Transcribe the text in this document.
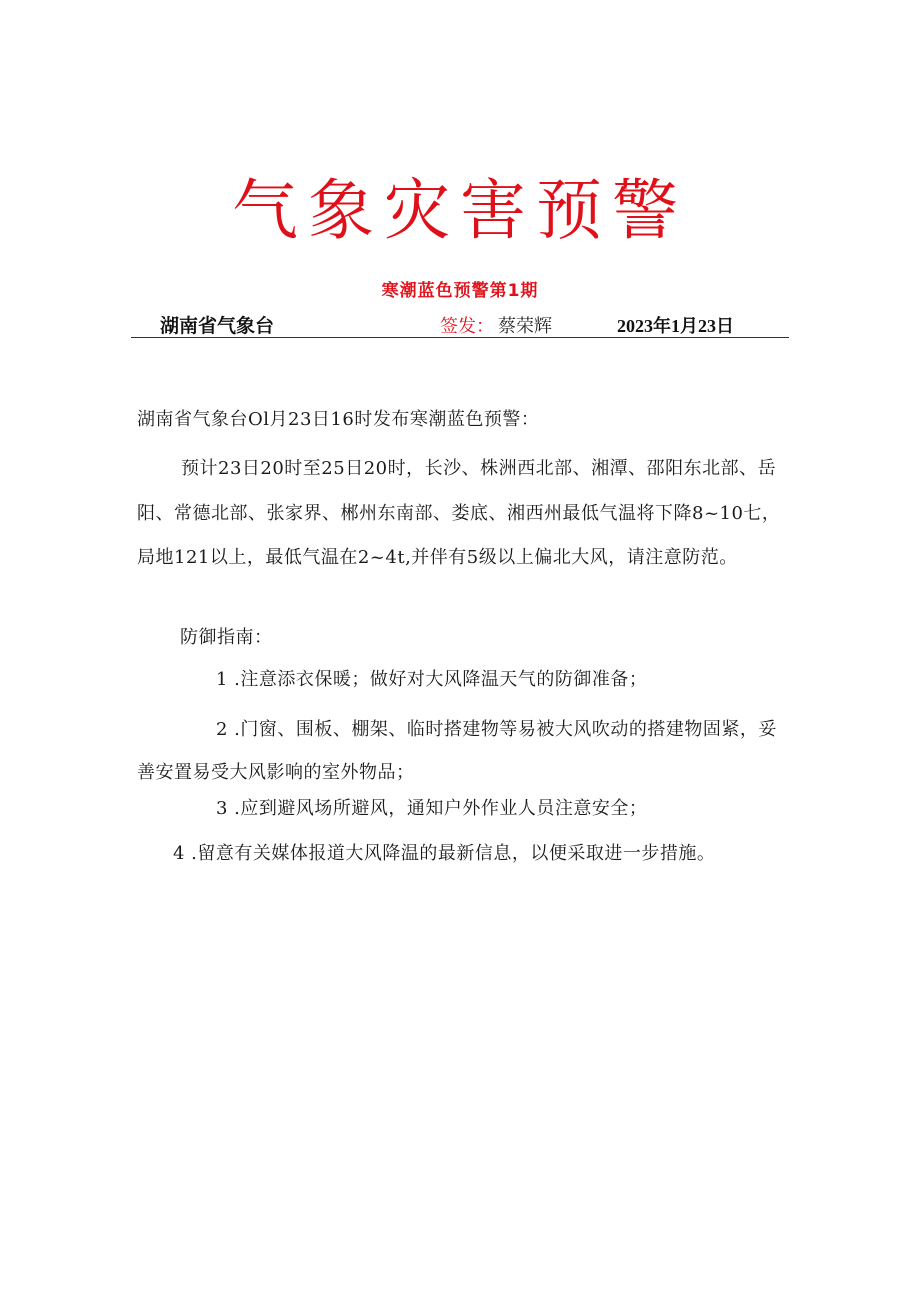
气象灾害预警
寒潮蓝色预警第1期
湖南省气象台	签发： 蔡荣辉	2023年1月23日
湖南省气象台Ol月23日16时发布寒潮蓝色预警：
预计23日20时至25日20时，长沙、株洲西北部、湘潭、邵阳东北部、岳阳、常德北部、张家界、郴州东南部、娄底、湘西州最低气温将下降8~10七，局地121以上，最低气温在2~4t,并伴有5级以上偏北大风，请注意防范。
防御指南：
1 .注意添衣保暖；做好对大风降温天气的防御准备；
2 .门窗、围板、棚架、临时搭建物等易被大风吹动的搭建物固紧，妥善安置易受大风影响的室外物品；
3 .应到避风场所避风，通知户外作业人员注意安全；
4 .留意有关媒体报道大风降温的最新信息，以便采取进一步措施。
